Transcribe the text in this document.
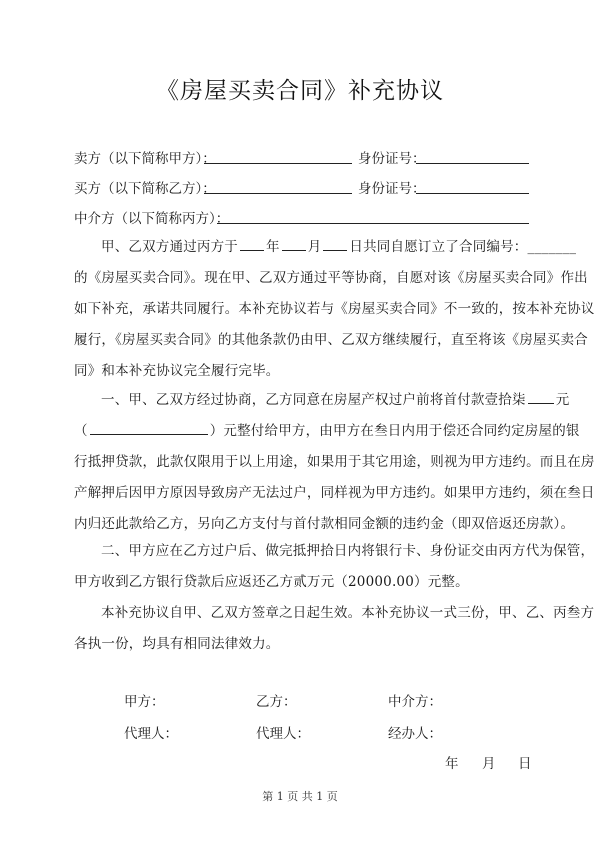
《房屋买卖合同》补充协议
卖方（以下简称甲方）：	身份证号：
买方（以下简称乙方）：	身份证号：
中介方（以下简称丙方）：
甲、乙双方通过丙方于 年 月 日共同自愿订立了合同编号：_______
的《房屋买卖合同》。现在甲、乙双方通过平等协商，自愿对该《房屋买卖合同》作出
如下补充，承诺共同履行。本补充协议若与《房屋买卖合同》不一致的，按本补充协议
履行，《房屋买卖合同》的其他条款仍由甲、乙双方继续履行，直至将该《房屋买卖合
同》和本补充协议完全履行完毕。
一、甲、乙双方经过协商，乙方同意在房屋产权过户前将首付款壹拾柒 元
（	）元整付给甲方，由甲方在叁日内用于偿还合同约定房屋的银
行抵押贷款，此款仅限用于以上用途，如果用于其它用途，则视为甲方违约。而且在房
产解押后因甲方原因导致房产无法过户，同样视为甲方违约。如果甲方违约，须在叁日
内归还此款给乙方，另向乙方支付与首付款相同金额的违约金（即双倍返还房款）。
二、甲方应在乙方过户后、做完抵押拾日内将银行卡、身份证交由丙方代为保管，
甲方收到乙方银行贷款后应返还乙方贰万元（20000.00）元整。
本补充协议自甲、乙双方签章之日起生效。本补充协议一式三份，甲、乙、丙叁方
各执一份，均具有相同法律效力。
甲方：	乙方：	中介方：
代理人：	代理人：	经办人：
年 月 日
第 1 页 共 1 页
